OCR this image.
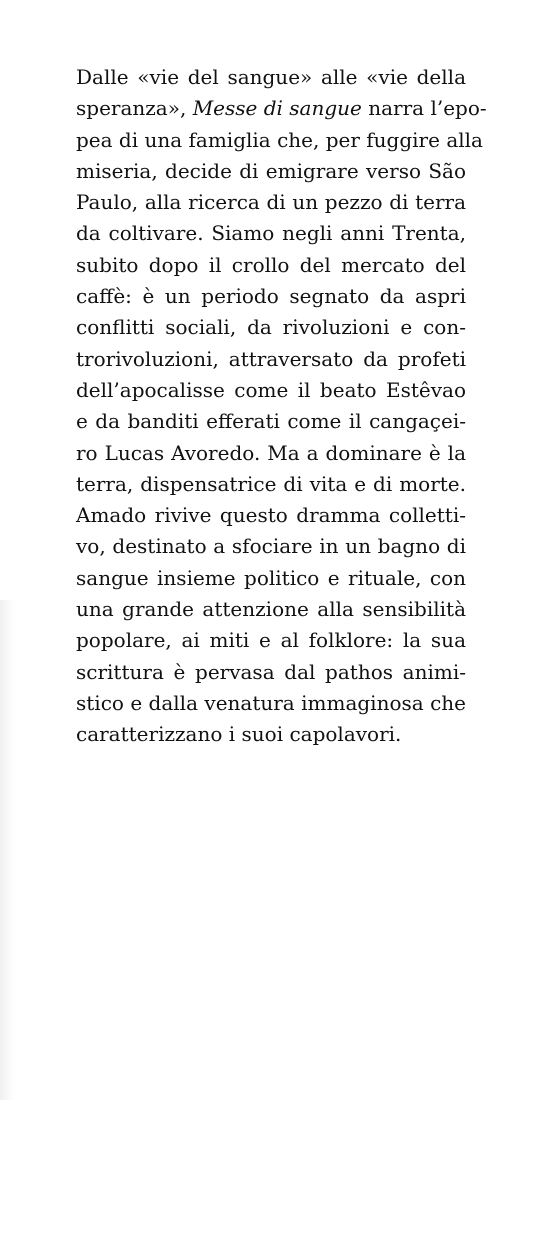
Dalle «vie del sangue» alle «vie della
speranza», Messe di sangue narra l’epo-
pea di una famiglia che, per fuggire alla
miseria, decide di emigrare verso São
Paulo, alla ricerca di un pezzo di terra
da coltivare. Siamo negli anni Trenta,
subito dopo il crollo del mercato del
caffè: è un periodo segnato da aspri
conflitti sociali, da rivoluzioni e con-
trorivoluzioni, attraversato da profeti
dell’apocalisse come il beato Estêvao
e da banditi efferati come il cangaçei-
ro Lucas Avoredo. Ma a dominare è la
terra, dispensatrice di vita e di morte.
Amado rivive questo dramma colletti-
vo, destinato a sfociare in un bagno di
sangue insieme politico e rituale, con
una grande attenzione alla sensibilità
popolare, ai miti e al folklore: la sua
scrittura è pervasa dal pathos animi-
stico e dalla venatura immaginosa che
caratterizzano i suoi capolavori.
